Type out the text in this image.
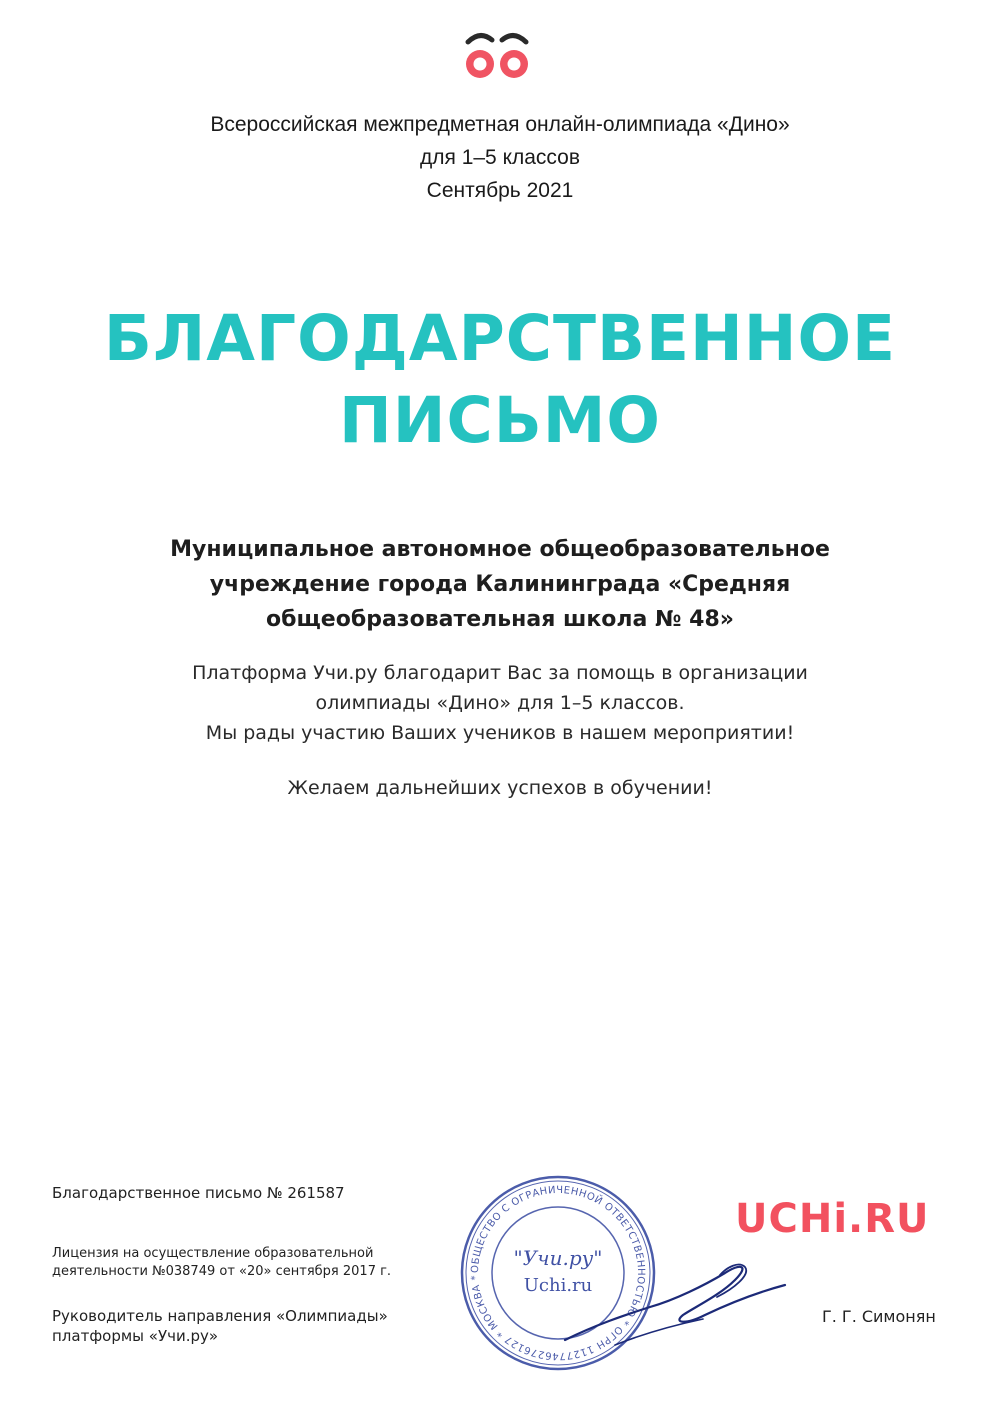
Всероссийская межпредметная онлайн-олимпиада «Дино»
для 1–5 классов
Сентябрь 2021
БЛАГОДАРСТВЕННОЕ
ПИСЬМО
Муниципальное автономное общеобразовательное
учреждение города Калининграда «Средняя
общеобразовательная школа № 48»
Платформа Учи.ру благодарит Вас за помощь в организации
олимпиады «Дино» для 1–5 классов.
Мы рады участию Ваших учеников в нашем мероприятии!
Желаем дальнейших успехов в обучении!
Благодарственное письмо № 261587
Лицензия на осуществление образовательной
деятельности №038749 от «20» сентября 2017 г.
Руководитель направления «Олимпиады»
платформы «Учи.ру»
ОБЩЕСТВО С ОГРАНИЧЕННОЙ ОТВЕТСТВЕННОСТЬЮ * ОГРН 1127746276127 * МОСКВА *
"Учи.ру"
Uchi.ru
UCHi.RU
Г. Г. Симонян
